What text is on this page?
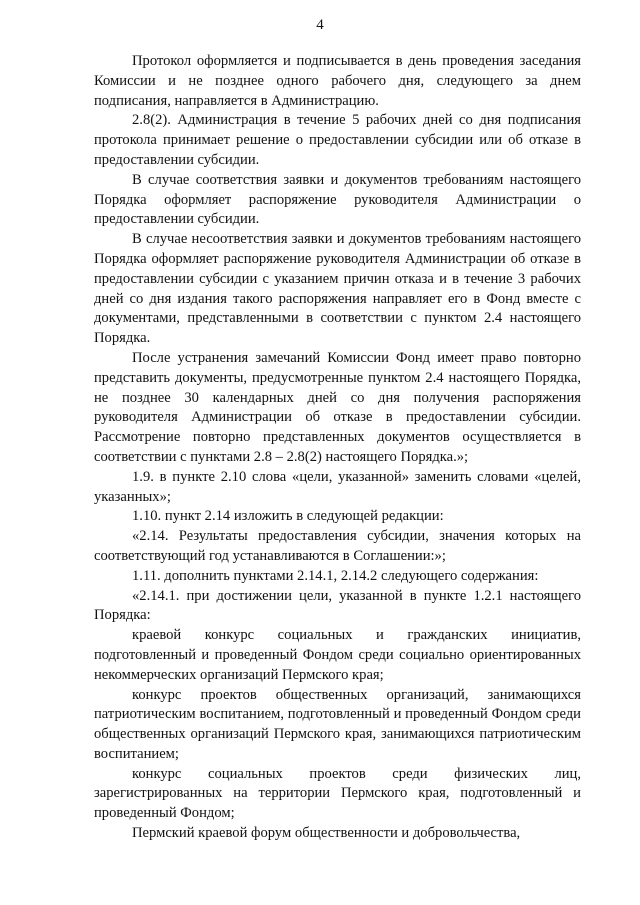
4

Протокол оформляется и подписывается в день проведения заседания Комиссии и не позднее одного рабочего дня, следующего за днем подписания, направляется в Администрацию.

2.8(2). Администрация в течение 5 рабочих дней со дня подписания протокола принимает решение о предоставлении субсидии или об отказе в предоставлении субсидии.

В случае соответствия заявки и документов требованиям настоящего Порядка оформляет распоряжение руководителя Администрации о предоставлении субсидии.

В случае несоответствия заявки и документов требованиям настоящего Порядка оформляет распоряжение руководителя Администрации об отказе в предоставлении субсидии с указанием причин отказа и в течение 3 рабочих дней со дня издания такого распоряжения направляет его в Фонд вместе с документами, представленными в соответствии с пунктом 2.4 настоящего Порядка.

После устранения замечаний Комиссии Фонд имеет право повторно представить документы, предусмотренные пунктом 2.4 настоящего Порядка, не позднее 30 календарных дней со дня получения распоряжения руководителя Администрации об отказе в предоставлении субсидии. Рассмотрение повторно представленных документов осуществляется в соответствии с пунктами 2.8 – 2.8(2) настоящего Порядка.»;

1.9. в пункте 2.10 слова «цели, указанной» заменить словами «целей, указанных»;

1.10. пункт 2.14 изложить в следующей редакции:

«2.14. Результаты предоставления субсидии, значения которых на соответствующий год устанавливаются в Соглашении:»;

1.11. дополнить пунктами 2.14.1, 2.14.2 следующего содержания:

«2.14.1. при достижении цели, указанной в пункте 1.2.1 настоящего Порядка:

краевой конкурс социальных и гражданских инициатив, подготовленный и проведенный Фондом среди социально ориентированных некоммерческих организаций Пермского края;

конкурс проектов общественных организаций, занимающихся патриотическим воспитанием, подготовленный и проведенный Фондом среди общественных организаций Пермского края, занимающихся патриотическим воспитанием;

конкурс социальных проектов среди физических лиц, зарегистрированных на территории Пермского края, подготовленный и проведенный Фондом;

Пермский краевой форум общественности и добровольчества,
